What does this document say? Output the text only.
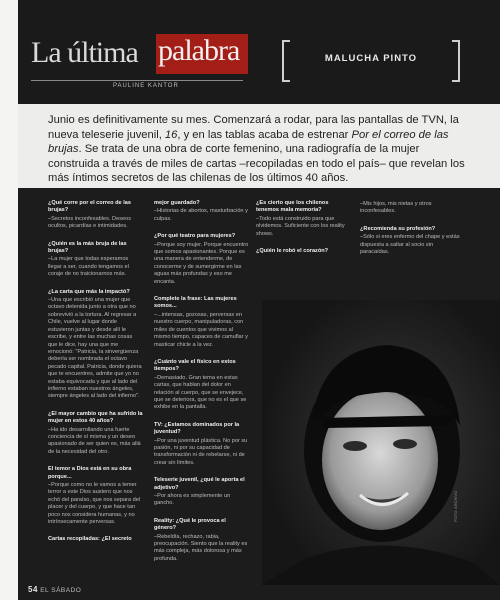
La última palabra
PAULINE KANTOR
MALUCHA PINTO

Junio es definitivamente su mes. Comenzará a rodar, para las pantallas de TVN, la nueva teleserie juvenil, 16, y en las tablas acaba de estrenar Por el correo de las brujas. Se trata de una obra de corte femenino, una radiografía de la mujer construida a través de miles de cartas –recopiladas en todo el país– que revelan los más íntimos secretos de las chilenas de los últimos 40 años.

¿Qué corre por el correo de las brujas?

–Secretos inconfesables. Deseos ocultos, picardías e intimidades.

¿Quién es la más bruja de las brujas?

–La mujer que todas esperamos llegar a ser, cuando tengamos el coraje de no traicionarnos más.

¿La carta que más la impactó?

–Una que escribió una mujer que octavo detenida junto a otra que no sobrevivió a la tortura. Al regresar a Chile, vuelve al lugar donde estuvieron juntas y desde allí le escribe, y entre las muchas cosas que le dice, hay una que me emocionó: "Patricia, la sinvergüenza debería ser nombrada el octavo pecado capital. Patricia, donde quiera que te encuentres, admite que yo no estaba equivocada y que al lado del infierno estaban nuestros ángeles, siempre ángeles al lado del infierno".

¿El mayor cambio que ha sufrido la mujer en estos 40 años?

–Ha ido desarrollando una fuerte conciencia de sí misma y un deseo apasionado de ser quien es, más allá de la necesidad del otro.

El temor a Dios está en su obra porque...

–Porque como no le vamos a temer terror a este Dios austero que nos echó del paraíso, que nos separa del placer y del cuerpo, y que hace tan poco nos considera humanas, y no intrínsecamente perversas.

Cartas recopiladas: ¿El secreto

mejor guardado?

–Historias de abortos, masturbación y culpas.

¿Por qué teatro para mujeres?

–Porque soy mujer. Porque encuentro que somos apasionantes. Porque es una manera de entenderme, de conocerme y de sumergirme en las aguas más profundas y eso me encanta.

Complete la frase: Las mujeres somos...

–...intensas, gozosas, perversas en nuestro cuerpo, manipuladoras, con miles de cuentos que vivimos al mismo tiempo, capaces de camuflar y masticar chicle a la vez.

¿Cuánto vale el físico en estos tiempos?

–Demasiado. Gran tema en estas cartas, que hablan del dolor en relación al cuerpo, que se envejece, que se deteriora, que no es el que se exhibe en la pantalla.

TV: ¿Estamos dominados por la juventud?

–Por una juventud plástica. No por su pasión, ni por su capacidad de transformación ni de rebelarse, ni de crear sin límites.

Teleserie juvenil, ¿qué le aporta el adjetivo?

–Por ahora es simplemente un gancho.

Reality: ¿Qué le provoca el género?

–Rebeldía, rechazo, rabia, preocupación. Siento que la reality es más compleja, más dolorosa y más profunda.

¿Es cierto que los chilenos tenemos mala memoria?

–Todo está construido para que olvidemos. Suficiente con los reality shows.

¿Quién le robó el corazón?

–Mis hijos, mis nietas y otros inconfesables.

¿Recomienda su profesión?

–Sólo si eres enfermo del chape y estás dispuesta a saltar al socio sin paracaídas.

FOTO: ARCHIVO
54 EL SÁBADO
